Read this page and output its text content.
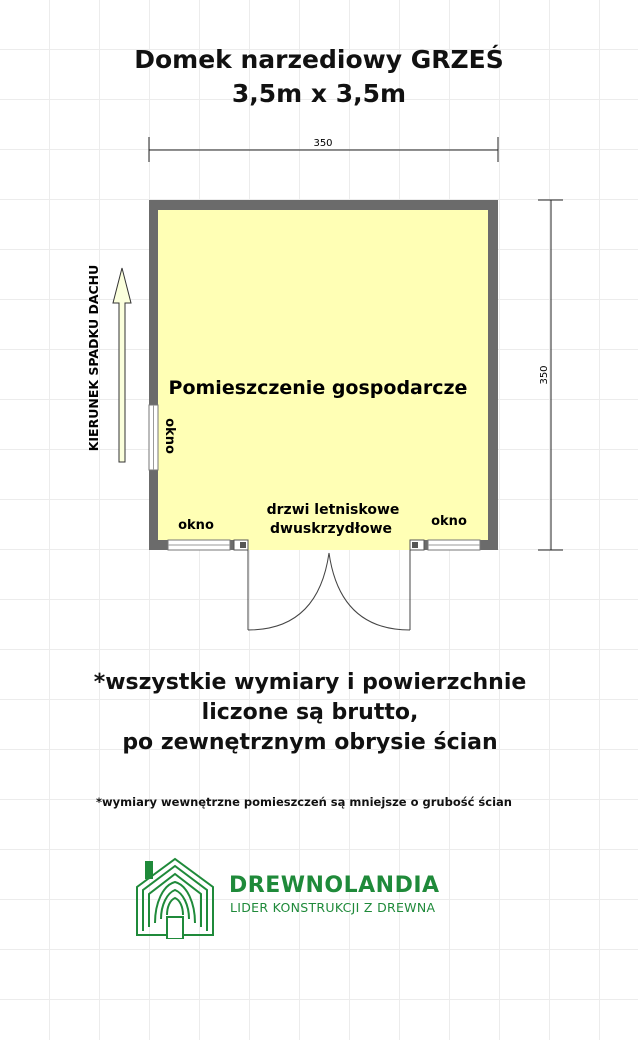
Domek narzediowy GRZEŚ
3,5m x 3,5m
350
350
KIERUNEK SPADKU DACHU	Pomieszczenie gospodarcze
okno
okno	okno
drzwi letniskowe
dwuskrzydłowe
*wszystkie wymiary i powierzchnie
liczone są brutto,
po zewnętrznym obrysie ścian
*wymiary wewnętrzne pomieszczeń są mniejsze o grubość ścian
DREWNOLANDIA
LIDER KONSTRUKCJI Z DREWNA
